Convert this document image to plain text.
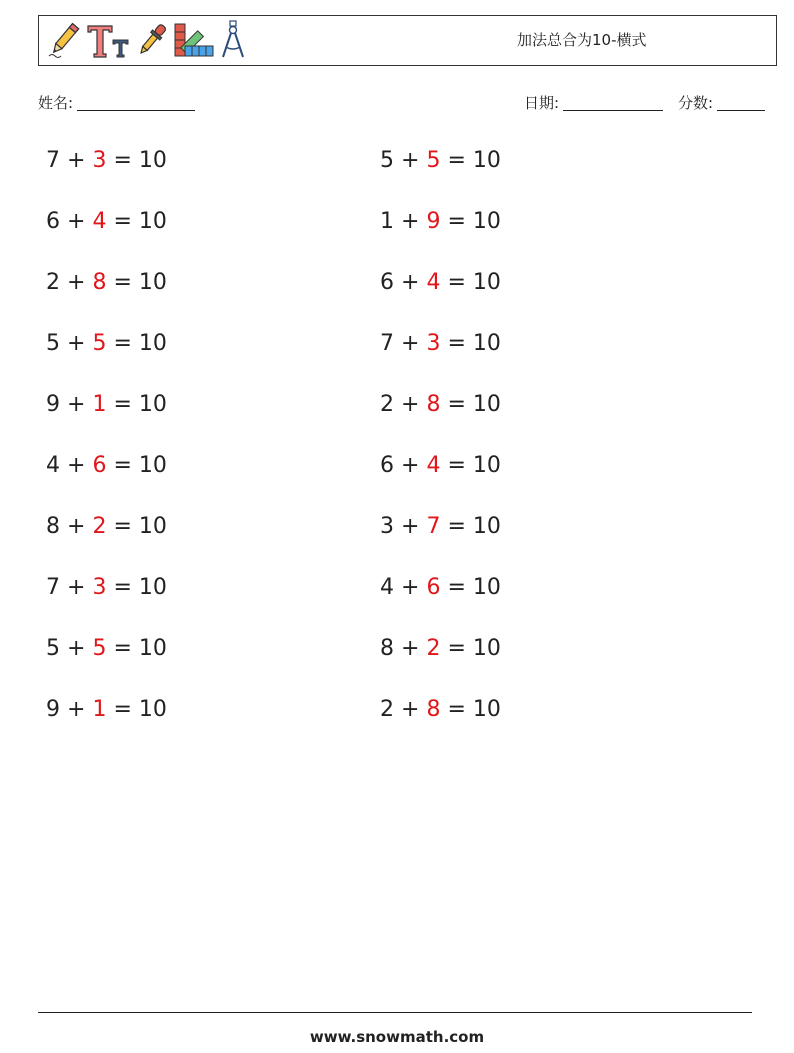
加法总合为10-横式
姓名:	日期:	分数:
7 + 3 = 10
6 + 4 = 10
2 + 8 = 10
5 + 5 = 10
9 + 1 = 10
4 + 6 = 10
8 + 2 = 10
7 + 3 = 10
5 + 5 = 10
9 + 1 = 10
5 + 5 = 10
1 + 9 = 10
6 + 4 = 10
7 + 3 = 10
2 + 8 = 10
6 + 4 = 10
3 + 7 = 10
4 + 6 = 10
8 + 2 = 10
2 + 8 = 10
www.snowmath.com
